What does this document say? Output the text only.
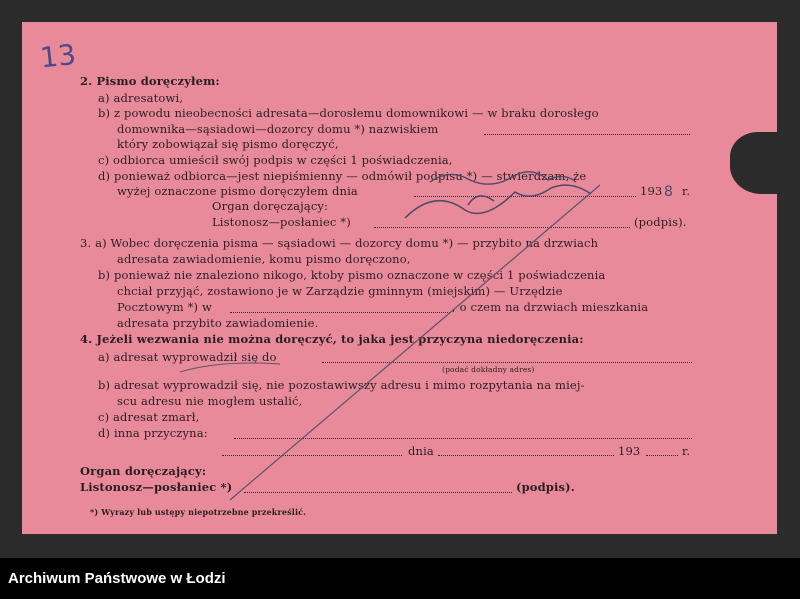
2. Pismo doręczyłem:
a) adresatowi,
b) z powodu nieobecności adresata—dorosłemu domownikowi — w braku dorosłego
domownika—sąsiadowi—dozorcy domu *) nazwiskiem
który zobowiązał się pismo doręczyć,
c) odbiorca umieścił swój podpis w części 1 poświadczenia,
d) ponieważ odbiorca—jest niepiśmienny — odmówił podpisu *) — stwierdzam, że
wyżej oznaczone pismo doręczyłem dnia	193 r.
Organ doręczający:
Listonosz—posłaniec *)	(podpis).
3. a) Wobec doręczenia pisma — sąsiadowi — dozorcy domu *) — przybito na drzwiach
adresata zawiadomienie, komu pismo doręczono,
b) ponieważ nie znaleziono nikogo, ktoby pismo oznaczone w części 1 poświadczenia
chciał przyjąć, zostawiono je w Zarządzie gminnym (miejskim) — Urzędzie
Pocztowym *) w	, o czem na drzwiach mieszkania
adresata przybito zawiadomienie.
4. Jeżeli wezwania nie można doręczyć, to jaka jest przyczyna niedoręczenia:
a) adresat wyprowadził się do
(podać dokładny adres)
b) adresat wyprowadził się, nie pozostawiwszy adresu i mimo rozpytania na miej-
scu adresu nie mogłem ustalić,
c) adresat zmarł,
d) inna przyczyna:
dnia	193	r.
Organ doręczający:
Listonosz—posłaniec *)	(podpis).
*) Wyrazy lub ustępy niepotrzebne przekreślić.
13
8
Archiwum Państwowe w Łodzi
